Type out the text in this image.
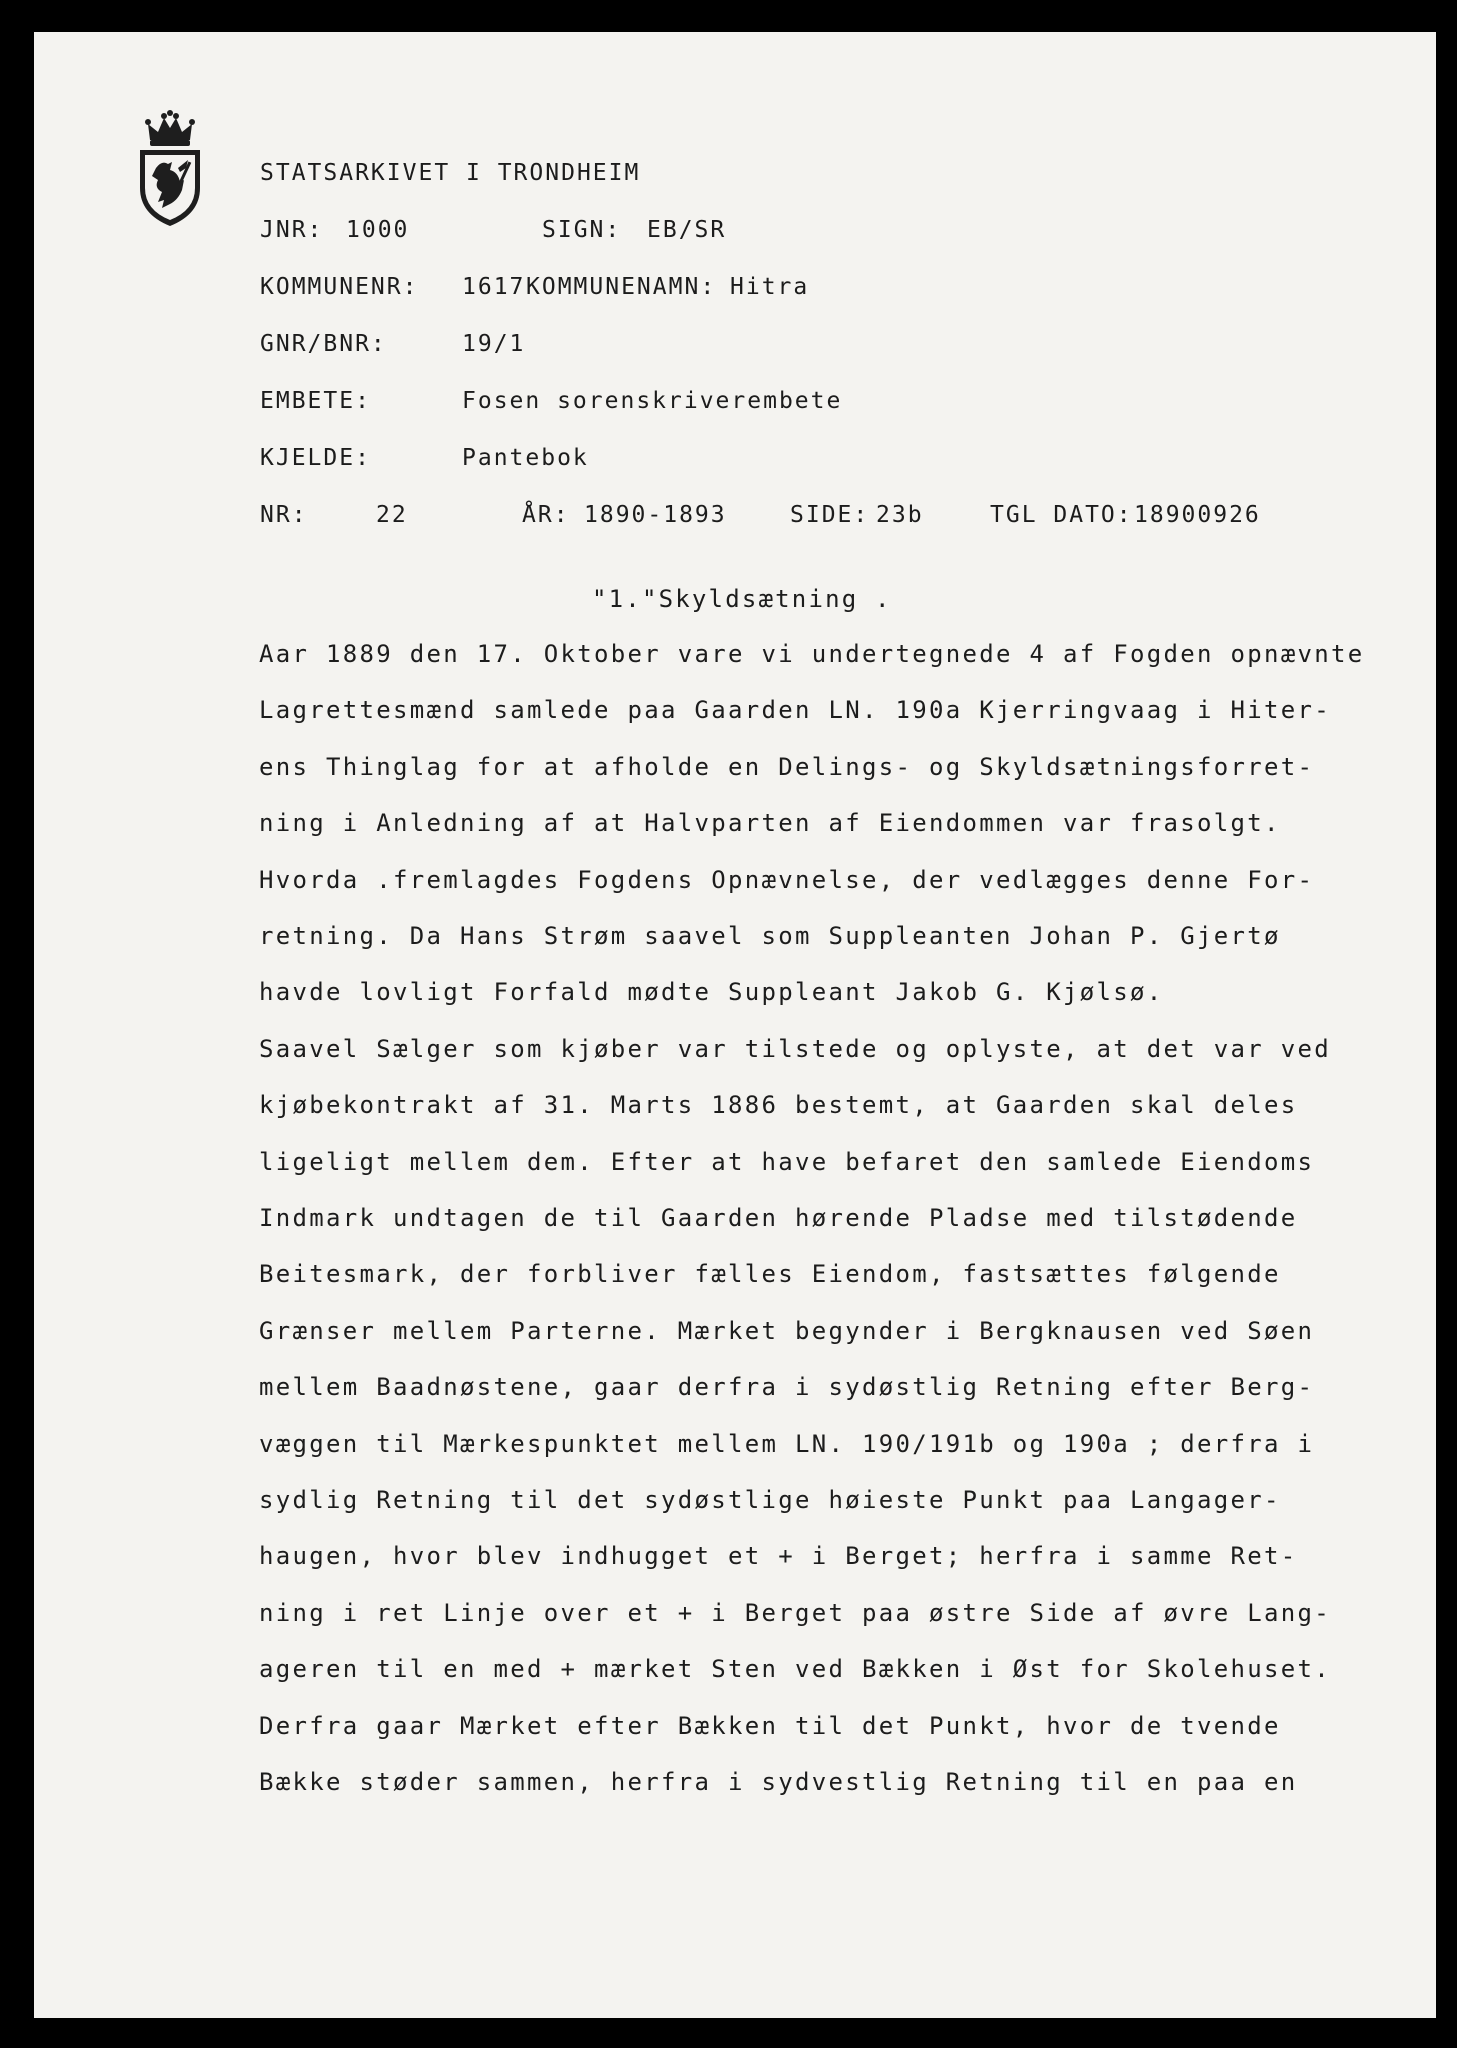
STATSARKIVET I TRONDHEIM
JNR: 1000	SIGN: EB/SR
KOMMUNENR: 1617 KOMMUNENAMN: Hitra
GNR/BNR:	19/1
EMBETE:	Fosen sorenskriverembete
KJELDE:	Pantebok
NR:	22	ÅR: 1890-1893	SIDE: 23b	TGL DATO: 18900926
"1."Skyldsætning .
Aar 1889 den 17. Oktober vare vi undertegnede 4 af Fogden opnævnte
Lagrettesmænd samlede paa Gaarden LN. 190a Kjerringvaag i Hiter-
ens Thinglag for at afholde en Delings- og Skyldsætningsforret-
ning i Anledning af at Halvparten af Eiendommen var frasolgt.
Hvorda .fremlagdes Fogdens Opnævnelse, der vedlægges denne For-
retning. Da Hans Strøm saavel som Suppleanten Johan P. Gjertø
havde lovligt Forfald mødte Suppleant Jakob G. Kjølsø.
Saavel Sælger som kjøber var tilstede og oplyste, at det var ved
kjøbekontrakt af 31. Marts 1886 bestemt, at Gaarden skal deles
ligeligt mellem dem. Efter at have befaret den samlede Eiendoms
Indmark undtagen de til Gaarden hørende Pladse med tilstødende
Beitesmark, der forbliver fælles Eiendom, fastsættes følgende
Grænser mellem Parterne. Mærket begynder i Bergknausen ved Søen
mellem Baadnøstene, gaar derfra i sydøstlig Retning efter Berg-
væggen til Mærkespunktet mellem LN. 190/191b og 190a ; derfra i
sydlig Retning til det sydøstlige høieste Punkt paa Langager-
haugen, hvor blev indhugget et + i Berget; herfra i samme Ret-
ning i ret Linje over et + i Berget paa østre Side af øvre Lang-
ageren til en med + mærket Sten ved Bækken i Øst for Skolehuset.
Derfra gaar Mærket efter Bækken til det Punkt, hvor de tvende
Bække støder sammen, herfra i sydvestlig Retning til en paa en
